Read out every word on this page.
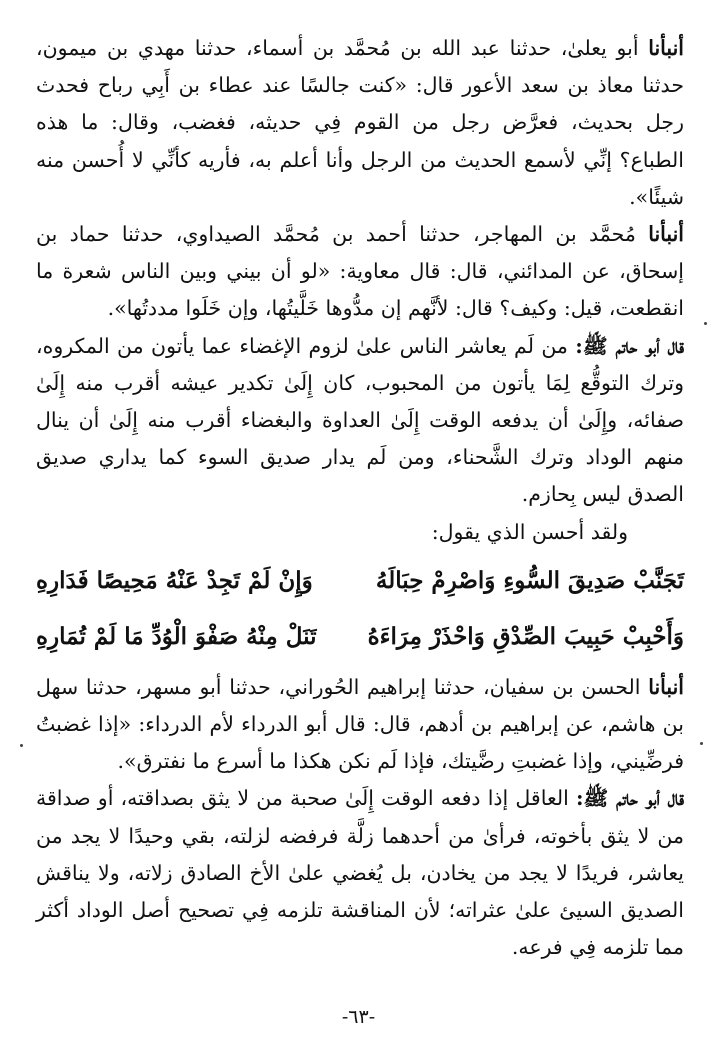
أنبأنا أبو يعلىٰ، حدثنا عبد الله بن مُحمَّد بن أسماء، حدثنا مهدي بن ميمون، حدثنا معاذ بن سعد الأعور قال: «كنت جالسًا عند عطاء بن أَبِي رباح فحدث رجل بحديث، فعرَّض رجل من القوم فِي حديثه، فغضب، وقال: ما هذه الطباع؟ إنِّي لأسمع الحديث من الرجل وأنا أعلم به، فأريه كأنِّي لا أُحسن منه شيئًا».

أنبأنا مُحمَّد بن المهاجر، حدثنا أحمد بن مُحمَّد الصيداوي، حدثنا حماد بن إسحاق، عن المدائني، قال: قال معاوية: «لو أن بيني وبين الناس شعرة ما انقطعت، قيل: وكيف؟ قال: لأنَّهم إن مدُّوها خَلَّيتُها، وإن خَلَوا مددتُها».

قال أبو حاتم ﷺ: من لَم يعاشر الناس علىٰ لزوم الإغضاء عما يأتون من المكروه، وترك التوقُّع لِمَا يأتون من المحبوب، كان إِلَىٰ تكدير عيشه أقرب منه إِلَىٰ صفائه، وإِلَىٰ أن يدفعه الوقت إِلَىٰ العداوة والبغضاء أقرب منه إِلَىٰ أن ينال منهم الوداد وترك الشَّحناء، ومن لَم يدار صديق السوء كما يداري صديق الصدق ليس بِحازم.

ولقد أحسن الذي يقول:

تَجَنَّبْ صَدِيقَ السُّوءِ وَاصْرِمْ حِبَالَهُ
وَإِنْ لَمْ تَجِدْ عَنْهُ مَحِيصًا فَدَارِهِ
وَأَحْبِبْ حَبِيبَ الصِّدْقِ وَاحْذَرْ مِرَاءَهُ
تَنَلْ مِنْهُ صَفْوَ الْوُدِّ مَا لَمْ تُمَارِهِ

أنبأنا الحسن بن سفيان، حدثنا إبراهيم الحُوراني، حدثنا أبو مسهر، حدثنا سهل بن هاشم، عن إبراهيم بن أدهم، قال: قال أبو الدرداء لأم الدرداء: «إذا غضبتُ فرضِّيني، وإذا غضبتِ رضَّيتك، فإذا لَم نكن هكذا ما أسرع ما نفترق».

قال أبو حاتم ﷺ: العاقل إذا دفعه الوقت إِلَىٰ صحبة من لا يثق بصداقته، أو صداقة من لا يثق بأخوته، فرأىٰ من أحدهما زلَّة فرفضه لزلته، بقي وحيدًا لا يجد من يعاشر، فريدًا لا يجد من يخادن، بل يُغضي علىٰ الأخ الصادق زلاته، ولا يناقش الصديق السيئ علىٰ عثراته؛ لأن المناقشة تلزمه فِي تصحيح أصل الوداد أكثر مما تلزمه فِي فرعه.

-٦٣-
